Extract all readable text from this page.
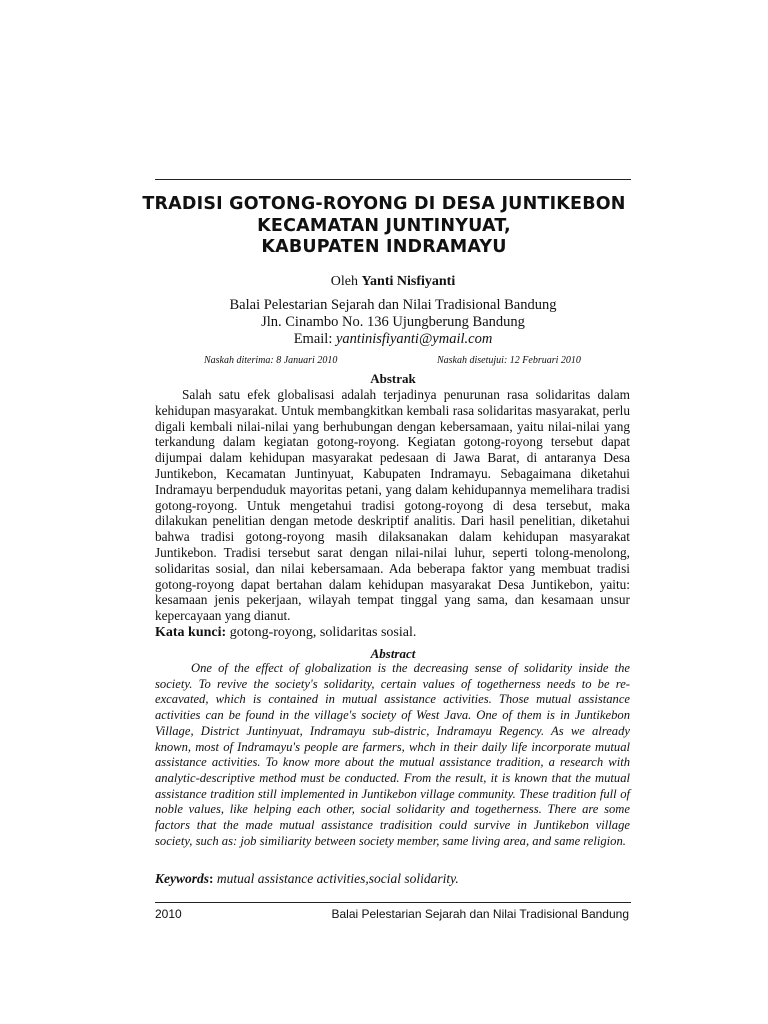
TRADISI GOTONG-ROYONG DI DESA JUNTIKEBON
KECAMATAN JUNTINYUAT,
KABUPATEN INDRAMAYU
Oleh Yanti Nisfiyanti
Balai Pelestarian Sejarah dan Nilai Tradisional Bandung
Jln. Cinambo No. 136 Ujungberung Bandung
Email: yantinisfiyanti@ymail.com
Naskah diterima: 8 Januari 2010	Naskah disetujui: 12 Februari 2010
Abstrak
Salah satu efek globalisasi adalah terjadinya penurunan rasa solidaritas dalam kehidupan masyarakat. Untuk membangkitkan kembali rasa solidaritas masyarakat, perlu digali kembali nilai-nilai yang berhubungan dengan kebersamaan, yaitu nilai-nilai yang terkandung dalam kegiatan gotong-royong. Kegiatan gotong-royong tersebut dapat dijumpai dalam kehidupan masyarakat pedesaan di Jawa Barat, di antaranya Desa Juntikebon, Kecamatan Juntinyuat, Kabupaten Indramayu. Sebagaimana diketahui Indramayu berpenduduk mayoritas petani, yang dalam kehidupannya memelihara tradisi gotong-royong. Untuk mengetahui tradisi gotong-royong di desa tersebut, maka dilakukan penelitian dengan metode deskriptif analitis. Dari hasil penelitian, diketahui bahwa tradisi gotong-royong masih dilaksanakan dalam kehidupan masyarakat Juntikebon. Tradisi tersebut sarat dengan nilai-nilai luhur, seperti tolong-menolong, solidaritas sosial, dan nilai kebersamaan. Ada beberapa faktor yang membuat tradisi gotong-royong dapat bertahan dalam kehidupan masyarakat Desa Juntikebon, yaitu: kesamaan jenis pekerjaan, wilayah tempat tinggal yang sama, dan kesamaan unsur kepercayaan yang dianut.
Kata kunci: gotong-royong, solidaritas sosial.
Abstract
One of the effect of globalization is the decreasing sense of solidarity inside the society. To revive the society's solidarity, certain values of togetherness needs to be re-excavated, which is contained in mutual assistance activities. Those mutual assistance activities can be found in the village's society of West Java. One of them is in Juntikebon Village, District Juntinyuat, Indramayu sub-distric, Indramayu Regency. As we already known, most of Indramayu's people are farmers, whch in their daily life incorporate mutual assistance activities. To know more about the mutual assistance tradition, a research with analytic-descriptive method must be conducted. From the result, it is known that the mutual assistance tradition still implemented in Juntikebon village community. These tradition full of noble values, like helping each other, social solidarity and togetherness. There are some factors that the made mutual assistance tradisition could survive in Juntikebon village society, such as: job similiarity between society member, same living area, and same religion.
Keywords: mutual assistance activities,social solidarity.
2010	Balai Pelestarian Sejarah dan Nilai Tradisional Bandung
